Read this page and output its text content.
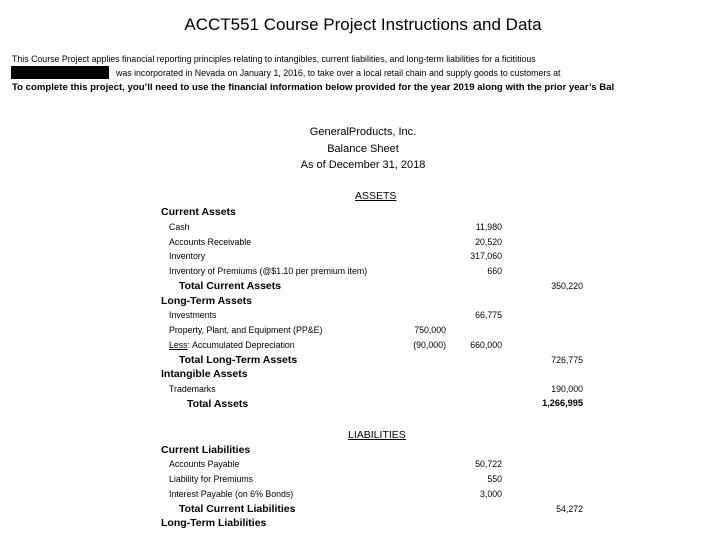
ACCT551 Course Project Instructions and Data
This Course Project applies financial reporting principles relating to intangibles, current liabilities, and long-term liabilities for a ficititious
was incorporated in Nevada on January 1, 2016, to take over a local retail chain and supply goods to customers at
To complete this project, you’ll need to use the financial information below provided for the year 2019 along with the prior year’s Bal
GeneralProducts, Inc.
Balance Sheet
As of December 31, 2018
ASSETS
Current Assets
Cash	11,980
Accounts Receivable	20,520
Inventory	317,060
Inventory of Premiums (@$1.10 per premium item)	660
Total Current Assets	350,220
Long-Term Assets
Investments	66,775
Property, Plant, and Equipment (PP&E)	750,000
Less: Accumulated Depreciation	(90,000)	660,000
Total Long-Term Assets	726,775
Intangible Assets
Trademarks	190,000
Total Assets	1,266,995
LIABILITIES
Current Liabilities
Accounts Payable	50,722
Liability for Premiums	550
Interest Payable (on 6% Bonds)	3,000
Total Current Liabilities	54,272
Long-Term Liabilities
